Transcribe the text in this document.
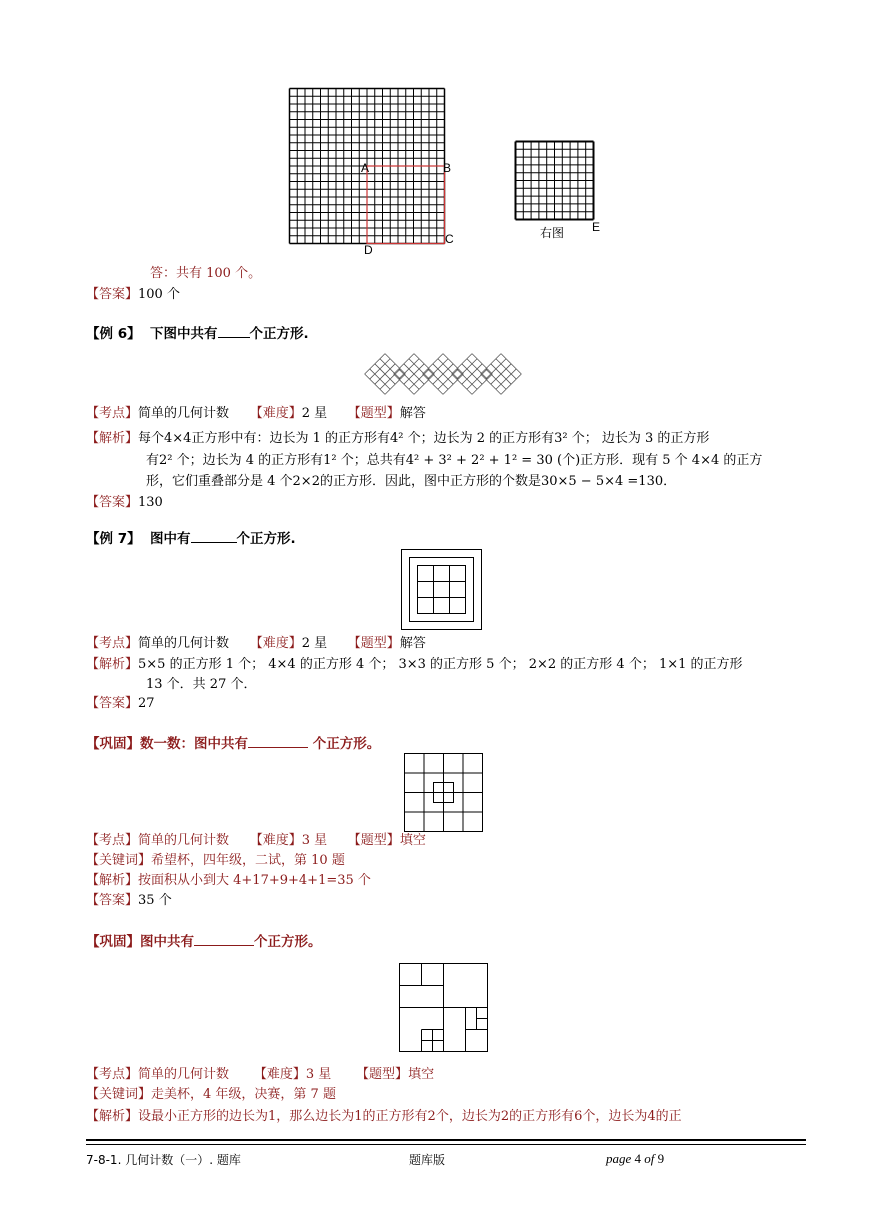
A	B
C
D
右图 E
答：共有 100 个。
【答案】100 个
【例 6】 下图中共有 个正方形.
【考点】简单的几何计数 【难度】2 星 【题型】解答
【解析】每个4×4正方形中有：边长为 1 的正方形有4² 个；边长为 2 的正方形有3² 个； 边长为 3 的正方形
有2² 个；边长为 4 的正方形有1² 个；总共有4² + 3² + 2² + 1² = 30 (个)正方形．现有 5 个 4×4 的正方
形，它们重叠部分是 4 个2×2的正方形．因此，图中正方形的个数是30×5 − 5×4 =130．
【答案】130
【例 7】 图中有	个正方形.
【考点】简单的几何计数 【难度】2 星 【题型】解答
【解析】5×5 的正方形 1 个； 4×4 的正方形 4 个； 3×3 的正方形 5 个； 2×2 的正方形 4 个； 1×1 的正方形
13 个．共 27 个．
【答案】27
【巩固】数一数：图中共有	个正方形。
【考点】简单的几何计数 【难度】3 星 【题型】填空
【关键词】希望杯，四年级，二试，第 10 题
【解析】按面积从小到大 4+17+9+4+1=35 个
【答案】35 个
【巩固】图中共有	个正方形。
【考点】简单的几何计数 【难度】3 星 【题型】填空
【关键词】走美杯，4 年级，决赛，第 7 题
【解析】设最小正方形的边长为1，那么边长为1的正方形有2个，边长为2的正方形有6个，边长为4的正
7-8-1. 几何计数（一）. 题库	题库版	page 4 of 9
